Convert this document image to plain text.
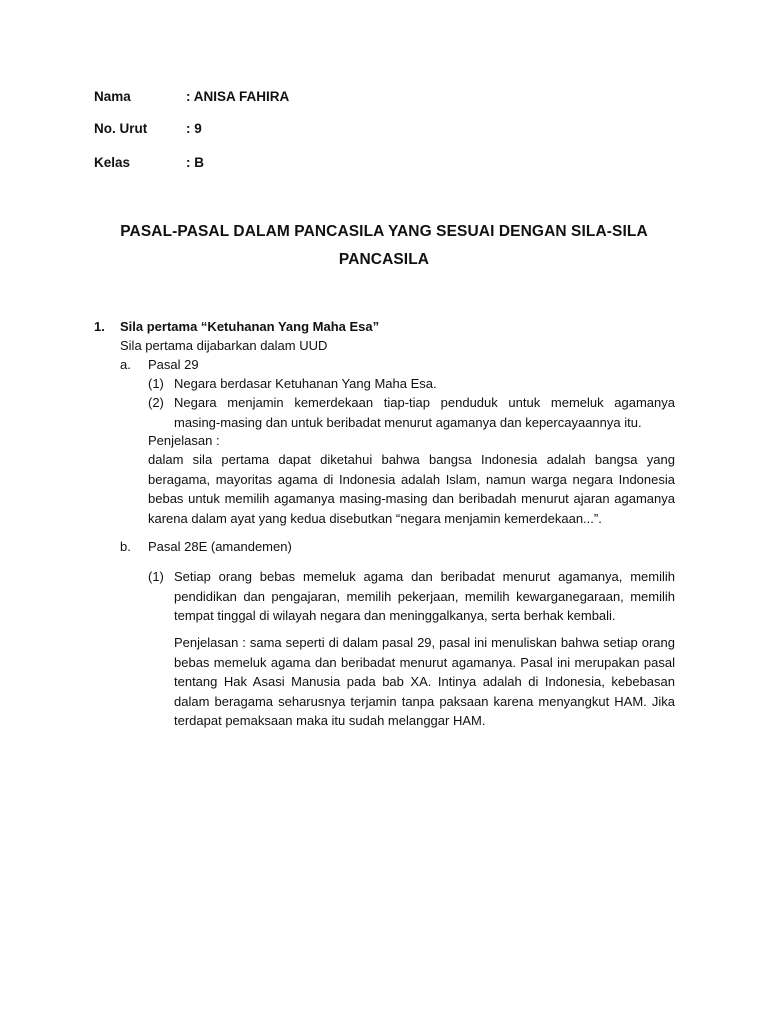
Nama	: ANISA FAHIRA
No. Urut	: 9
Kelas	: B
PASAL-PASAL DALAM PANCASILA YANG SESUAI DENGAN SILA-SILA
PANCASILA
1. Sila pertama “Ketuhanan Yang Maha Esa”
Sila pertama dijabarkan dalam UUD
a. Pasal 29
(1) Negara berdasar Ketuhanan Yang Maha Esa.
(2) Negara menjamin kemerdekaan tiap-tiap penduduk untuk memeluk agamanya masing-masing dan untuk beribadat menurut agamanya dan kepercayaannya itu.
Penjelasan :
dalam sila pertama dapat diketahui bahwa bangsa Indonesia adalah bangsa yang beragama, mayoritas agama di Indonesia adalah Islam, namun warga negara Indonesia bebas untuk memilih agamanya masing-masing dan beribadah menurut ajaran agamanya karena dalam ayat yang kedua disebutkan “negara menjamin kemerdekaan...”.
b. Pasal 28E (amandemen)
(1) Setiap orang bebas memeluk agama dan beribadat menurut agamanya, memilih pendidikan dan pengajaran, memilih pekerjaan, memilih kewarganegaraan, memilih tempat tinggal di wilayah negara dan meninggalkanya, serta berhak kembali.
Penjelasan : sama seperti di dalam pasal 29, pasal ini menuliskan bahwa setiap orang bebas memeluk agama dan beribadat menurut agamanya. Pasal ini merupakan pasal tentang Hak Asasi Manusia pada bab XA. Intinya adalah di Indonesia, kebebasan dalam beragama seharusnya terjamin tanpa paksaan karena menyangkut HAM. Jika terdapat pemaksaan maka itu sudah melanggar HAM.
